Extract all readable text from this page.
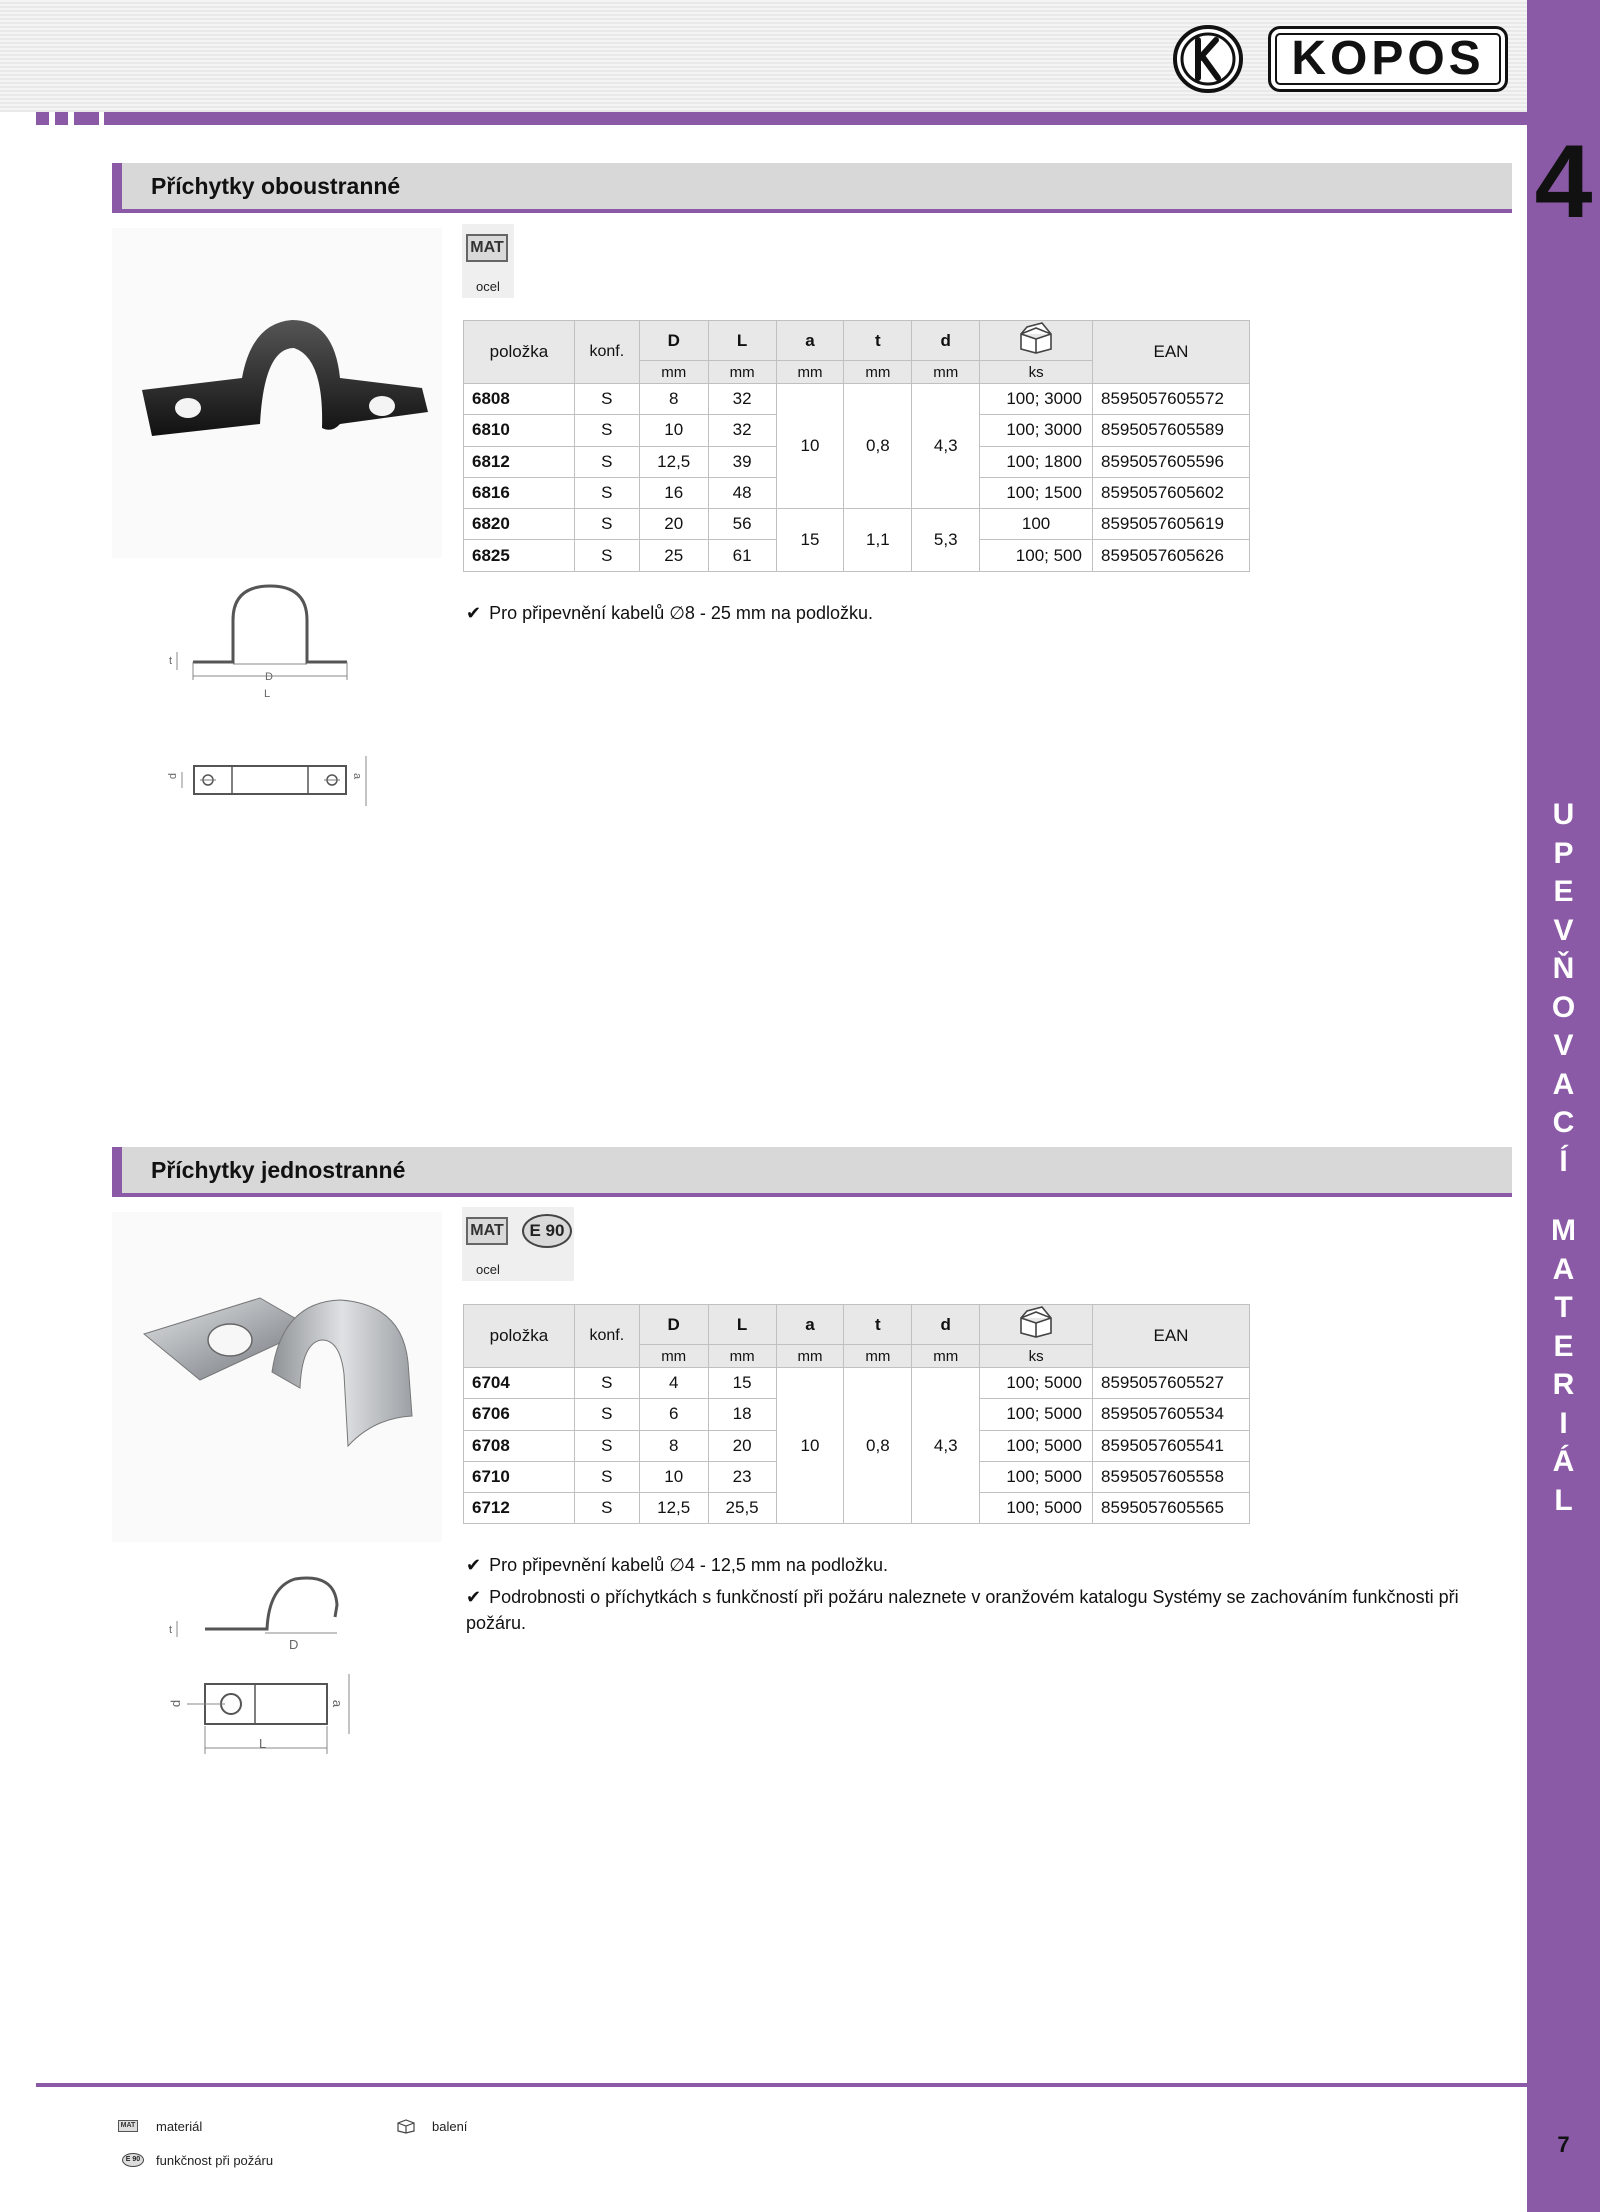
KOPOS
4
U
P
E
V
Ň
O
V
A
C
Í
M
A
T
E
R
I
Á
L
7
Příchytky oboustranné
t
D
L
d	a
MAT
ocel
položka	konf.	D	L	a	t	d		EAN
		mm	mm	mm	mm	mm	ks	
6808	S	8	32	10	0,8	4,3	100; 3000	8595057605572
6810	S	10	32				100; 3000	8595057605589
6812	S	12,5	39				100; 1800	8595057605596
6816	S	16	48				100; 1500	8595057605602
6820	S	20	56	15	1,1	5,3	100	8595057605619
6825	S	25	61				100; 500	8595057605626
✔ Pro připevnění kabelů ∅8 - 25 mm na podložku.
Příchytky jednostranné
t
D
L
d	a
MAT	E 90
ocel
položka	konf.	D	L	a	t	d		EAN
		mm	mm	mm	mm	mm	ks	
6704	S	4	15	10	0,8	4,3	100; 5000	8595057605527
6706	S	6	18				100; 5000	8595057605534
6708	S	8	20				100; 5000	8595057605541
6710	S	10	23				100; 5000	8595057605558
6712	S	12,5	25,5				100; 5000	8595057605565
✔ Pro připevnění kabelů ∅4 - 12,5 mm na podložku.
✔ Podrobnosti o příchytkách s funkčností při požáru naleznete v oranžovém katalogu Systémy se zachováním funkčnosti při požáru.
MAT materiál	balení
E 90 funkčnost při požáru
